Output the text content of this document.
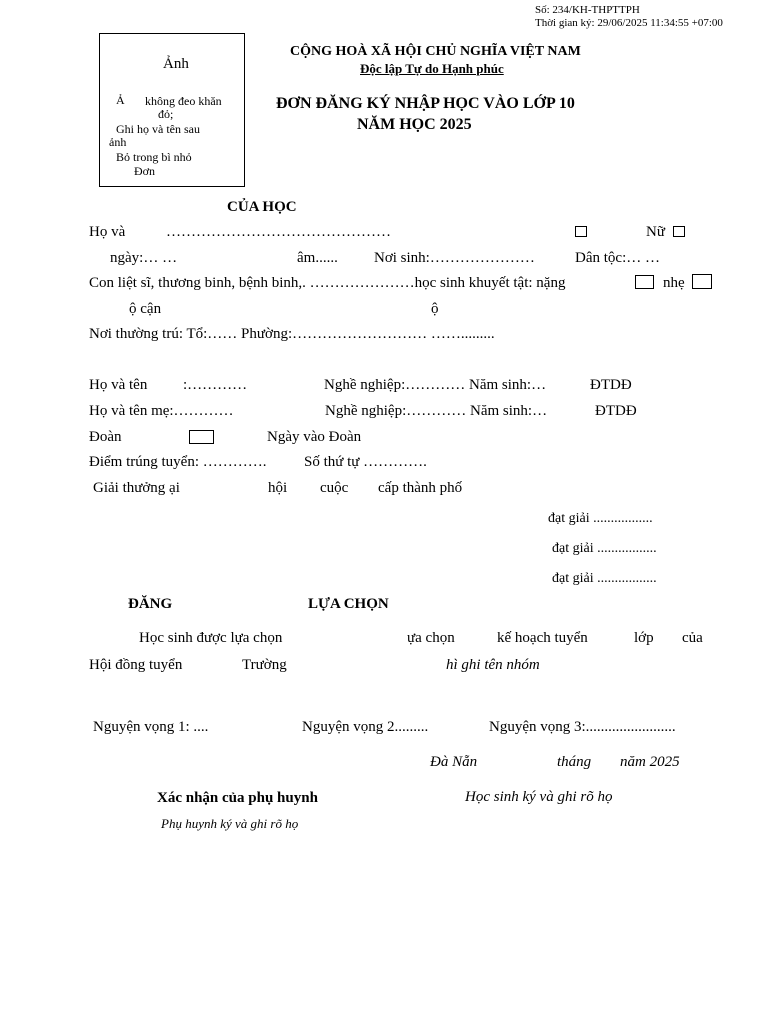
Số: 234/KH-THPTTPH
Thời gian ký: 29/06/2025 11:34:55 +07:00
Ảnh
Ả không đeo khăn
đỏ;
Ghi họ và tên sau
ảnh
Bỏ trong bì nhỏ
Đơn
CỘNG HOÀ XÃ HỘI CHỦ NGHĨA VIỆT NAM
Độc lập Tự do Hạnh phúc
ĐƠN ĐĂNG KÝ NHẬP HỌC VÀO LỚP 10
NĂM HỌC 2025
CỦA HỌC
Họ và	………………………………………	Nữ
ngày:… …	âm...... Nơi sinh:…………………	Dân tộc:… …
Con liệt sĩ, thương binh, bệnh binh,. …………………học sinh khuyết tật: nặng	nhẹ
ộ cận	ộ
Nơi thường trú: Tổ:…… Phường:……………………… …….........
Họ và tên :…………	Nghề nghiệp:………… Năm sinh:…	ĐTDĐ
Họ và tên mẹ:…………	Nghề nghiệp:………… Năm sinh:…	ĐTDĐ
Đoàn	Ngày vào Đoàn
Điểm trúng tuyển: ………….	Số thứ tự ………….
Giải thưởng ại	hội cuộc cấp thành phố
đạt giải .................
đạt giải .................
đạt giải .................
ĐĂNG	LỰA CHỌN
Học sinh được lựa chọn	ựa chọn	kế hoạch tuyển	lớp của
Hội đồng tuyển	Trường	hì ghi tên nhóm
Nguyện vọng 1: ....	Nguyện vọng 2.........	Nguyện vọng 3:........................
Đà Nẵn	tháng năm 2025
Xác nhận của phụ huynh	Học sinh ký và ghi rõ họ
Phụ huynh ký và ghi rõ họ
